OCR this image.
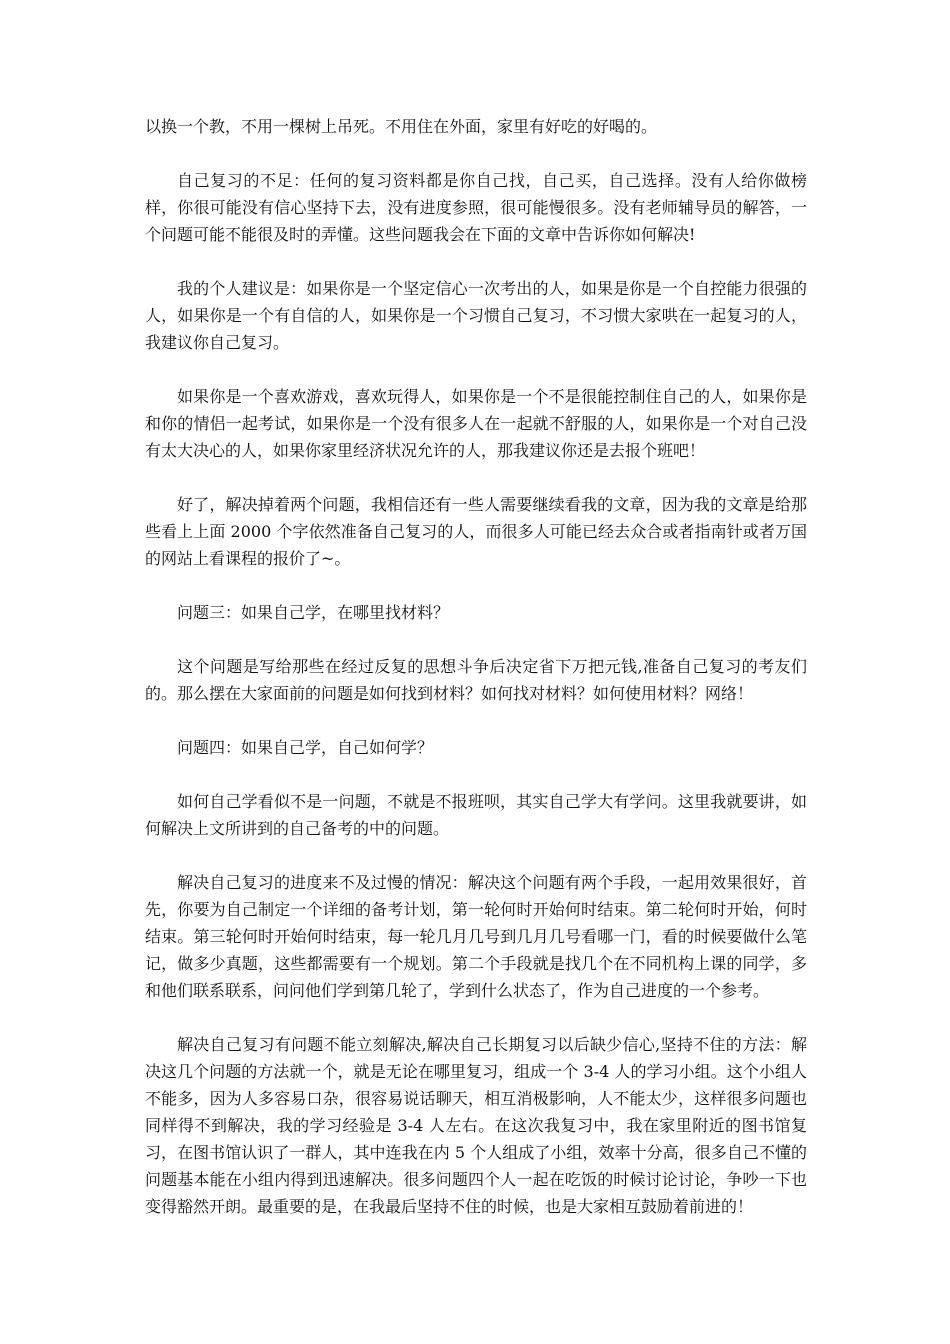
以换一个教，不用一棵树上吊死。不用住在外面，家里有好吃的好喝的。

自己复习的不足：任何的复习资料都是你自己找，自己买，自己选择。没有人给你做榜样，你很可能没有信心坚持下去，没有进度参照，很可能慢很多。没有老师辅导员的解答，一个问题可能不能很及时的弄懂。这些问题我会在下面的文章中告诉你如何解决!

我的个人建议是：如果你是一个坚定信心一次考出的人，如果是你是一个自控能力很强的人，如果你是一个有自信的人，如果你是一个习惯自己复习，不习惯大家哄在一起复习的人，我建议你自己复习。

如果你是一个喜欢游戏，喜欢玩得人，如果你是一个不是很能控制住自己的人，如果你是和你的情侣一起考试，如果你是一个没有很多人在一起就不舒服的人，如果你是一个对自己没有太大决心的人，如果你家里经济状况允许的人，那我建议你还是去报个班吧！

好了，解决掉着两个问题，我相信还有一些人需要继续看我的文章，因为我的文章是给那些看上上面 2000 个字依然准备自己复习的人，而很多人可能已经去众合或者指南针或者万国的网站上看课程的报价了~。

问题三：如果自己学，在哪里找材料？

这个问题是写给那些在经过反复的思想斗争后决定省下万把元钱,准备自己复习的考友们的。那么摆在大家面前的问题是如何找到材料？如何找对材料？如何使用材料？网络！

问题四：如果自己学，自己如何学？

如何自己学看似不是一问题，不就是不报班呗，其实自己学大有学问。这里我就要讲，如何解决上文所讲到的自己备考的中的问题。

解决自己复习的进度来不及过慢的情况：解决这个问题有两个手段，一起用效果很好，首先，你要为自己制定一个详细的备考计划，第一轮何时开始何时结束。第二轮何时开始，何时结束。第三轮何时开始何时结束，每一轮几月几号到几月几号看哪一门，看的时候要做什么笔记，做多少真题，这些都需要有一个规划。第二个手段就是找几个在不同机构上课的同学，多和他们联系联系，问问他们学到第几轮了，学到什么状态了，作为自己进度的一个参考。

解决自己复习有问题不能立刻解决,解决自己长期复习以后缺少信心,坚持不住的方法：解决这几个问题的方法就一个，就是无论在哪里复习，组成一个 3-4 人的学习小组。这个小组人不能多，因为人多容易口杂，很容易说话聊天，相互消极影响，人不能太少，这样很多问题也同样得不到解决，我的学习经验是 3-4 人左右。在这次我复习中，我在家里附近的图书馆复习，在图书馆认识了一群人，其中连我在内 5 个人组成了小组，效率十分高，很多自己不懂的问题基本能在小组内得到迅速解决。很多问题四个人一起在吃饭的时候讨论讨论，争吵一下也变得豁然开朗。最重要的是，在我最后坚持不住的时候，也是大家相互鼓励着前进的！
